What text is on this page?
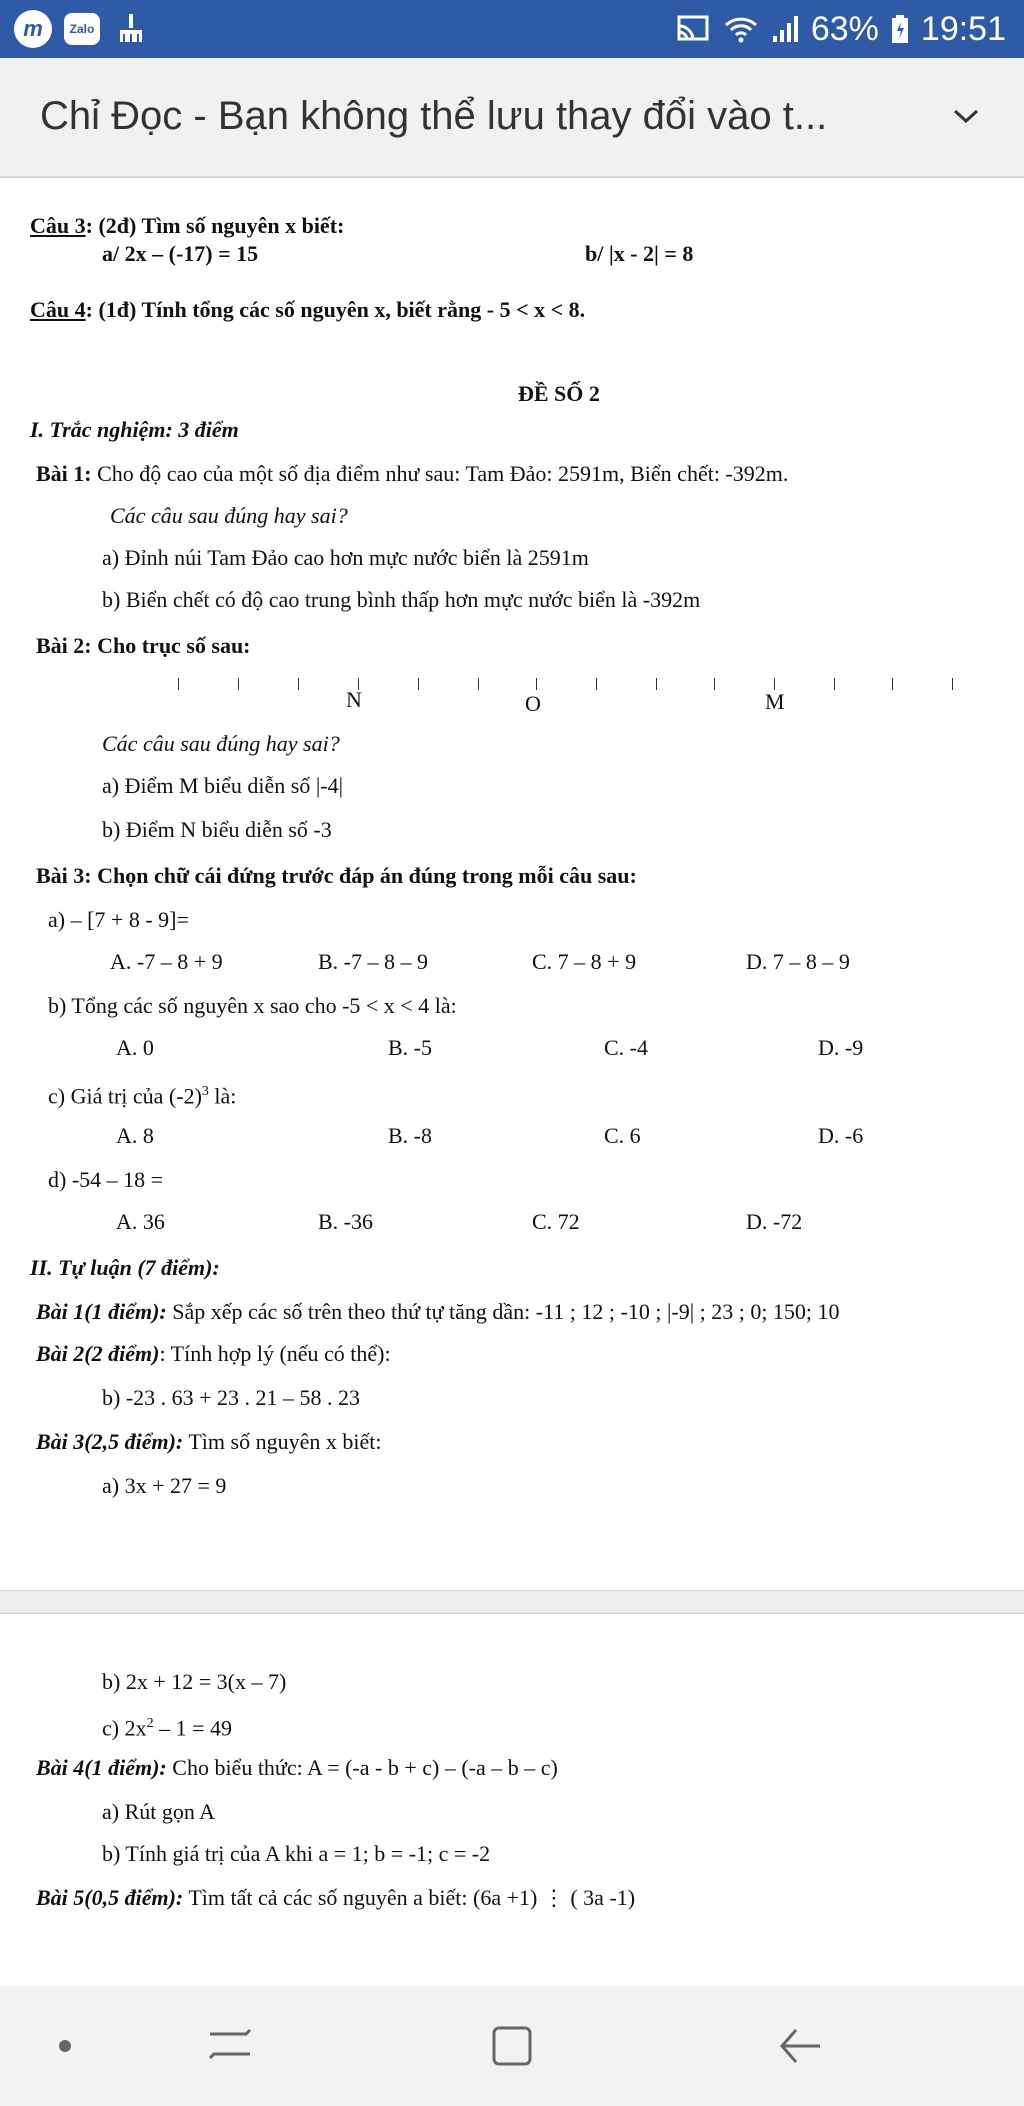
m Zalo	63% 19:51
Chỉ Đọc - Bạn không thể lưu thay đổi vào t...
Câu 3: (2đ) Tìm số nguyên x biết:
a/ 2x – (-17) = 15	b/ |x - 2| = 8
Câu 4: (1đ) Tính tổng các số nguyên x, biết rằng - 5 < x < 8.
ĐỀ SỐ 2
I. Trắc nghiệm: 3 điểm
Bài 1: Cho độ cao của một số địa điểm như sau: Tam Đảo: 2591m, Biển chết: -392m.
Các câu sau đúng hay sai?
a) Đỉnh núi Tam Đảo cao hơn mực nước biển là 2591m
b) Biển chết có độ cao trung bình thấp hơn mực nước biển là -392m
Bài 2: Cho trục số sau:
N	O	M
Các câu sau đúng hay sai?
a) Điểm M biểu diễn số |-4|
b) Điểm N biểu diễn số -3
Bài 3: Chọn chữ cái đứng trước đáp án đúng trong mỗi câu sau:
a) – [7 + 8 - 9]=
A. -7 – 8 + 9	B. -7 – 8 – 9	C. 7 – 8 + 9	D. 7 – 8 – 9
b) Tổng các số nguyên x sao cho -5 < x < 4 là:
A. 0	B. -5	C. -4	D. -9
c) Giá trị của $(-2)^3$ là:
A. 8	B. -8	C. 6	D. -6
d) -54 – 18 =
A. 36	B. -36	C. 72	D. -72
II. Tự luận (7 điểm):
Bài 1(1 điểm): Sắp xếp các số trên theo thứ tự tăng dần: -11 ; 12 ; -10 ; |-9| ; 23 ; 0; 150; 10
Bài 2(2 điểm): Tính hợp lý (nếu có thể):
b) -23 . 63 + 23 . 21 – 58 . 23
Bài 3(2,5 điểm): Tìm số nguyên x biết:
a) 3x + 27 = 9
b) 2x + 12 = 3(x – 7)
c) $2x^2 - 1 = 49$
Bài 4(1 điểm): Cho biểu thức: A = (-a - b + c) – (-a – b – c)
a) Rút gọn A
b) Tính giá trị của A khi a = 1; b = -1; c = -2
Bài 5(0,5 điểm): Tìm tất cả các số nguyên a biết: (6a +1) ⋮ ( 3a -1)
